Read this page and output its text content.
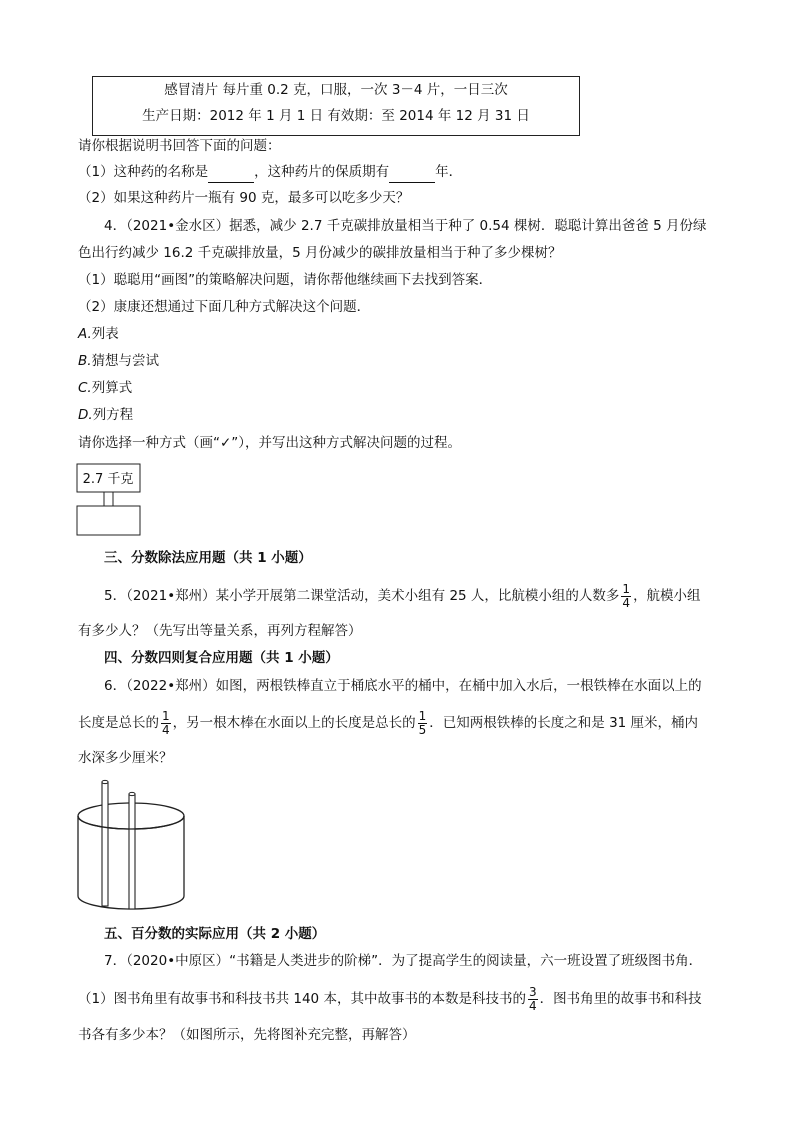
感冒清片 每片重 0.2 克，口服，一次 3－4 片，一日三次
生产日期：2012 年 1 月 1 日 有效期：至 2014 年 12 月 31 日
请你根据说明书回答下面的问题：
（1）这种药的名称是	，这种药片的保质期有	年．
（2）如果这种药片一瓶有 90 克，最多可以吃多少天？
4．（2021•金水区）据悉，减少 2.7 千克碳排放量相当于种了 0.54 棵树．聪聪计算出爸爸 5 月份绿
色出行约减少 16.2 千克碳排放量，5 月份减少的碳排放量相当于种了多少棵树？
（1）聪聪用“画图”的策略解决问题，请你帮他继续画下去找到答案．
（2）康康还想通过下面几种方式解决这个问题．
A.列表
B.猜想与尝试
C.列算式
D.列方程
请你选择一种方式（画“✓”），并写出这种方式解决问题的过程。
2.7 千克
三、分数除法应用题（共 1 小题）
5．（2021•郑州）某小学开展第二课堂活动，美术小组有 25 人，比航模小组的人数多 $\frac{1}{4}$ ，航模小组
有多少人？（先写出等量关系，再列方程解答）
四、分数四则复合应用题（共 1 小题）
6．（2022•郑州）如图，两根铁棒直立于桶底水平的桶中，在桶中加入水后，一根铁棒在水面以上的
长度是总长的 $\frac{1}{4}$ ，另一根木棒在水面以上的长度是总长的 $\frac{1}{5}$ ．已知两根铁棒的长度之和是 31 厘米，桶内
水深多少厘米？
五、百分数的实际应用（共 2 小题）
7．（2020•中原区）“书籍是人类进步的阶梯”．为了提高学生的阅读量，六一班设置了班级图书角．
（1）图书角里有故事书和科技书共 140 本，其中故事书的本数是科技书的 $\frac{3}{4}$ ．图书角里的故事书和科技
书各有多少本？（如图所示，先将图补充完整，再解答）
